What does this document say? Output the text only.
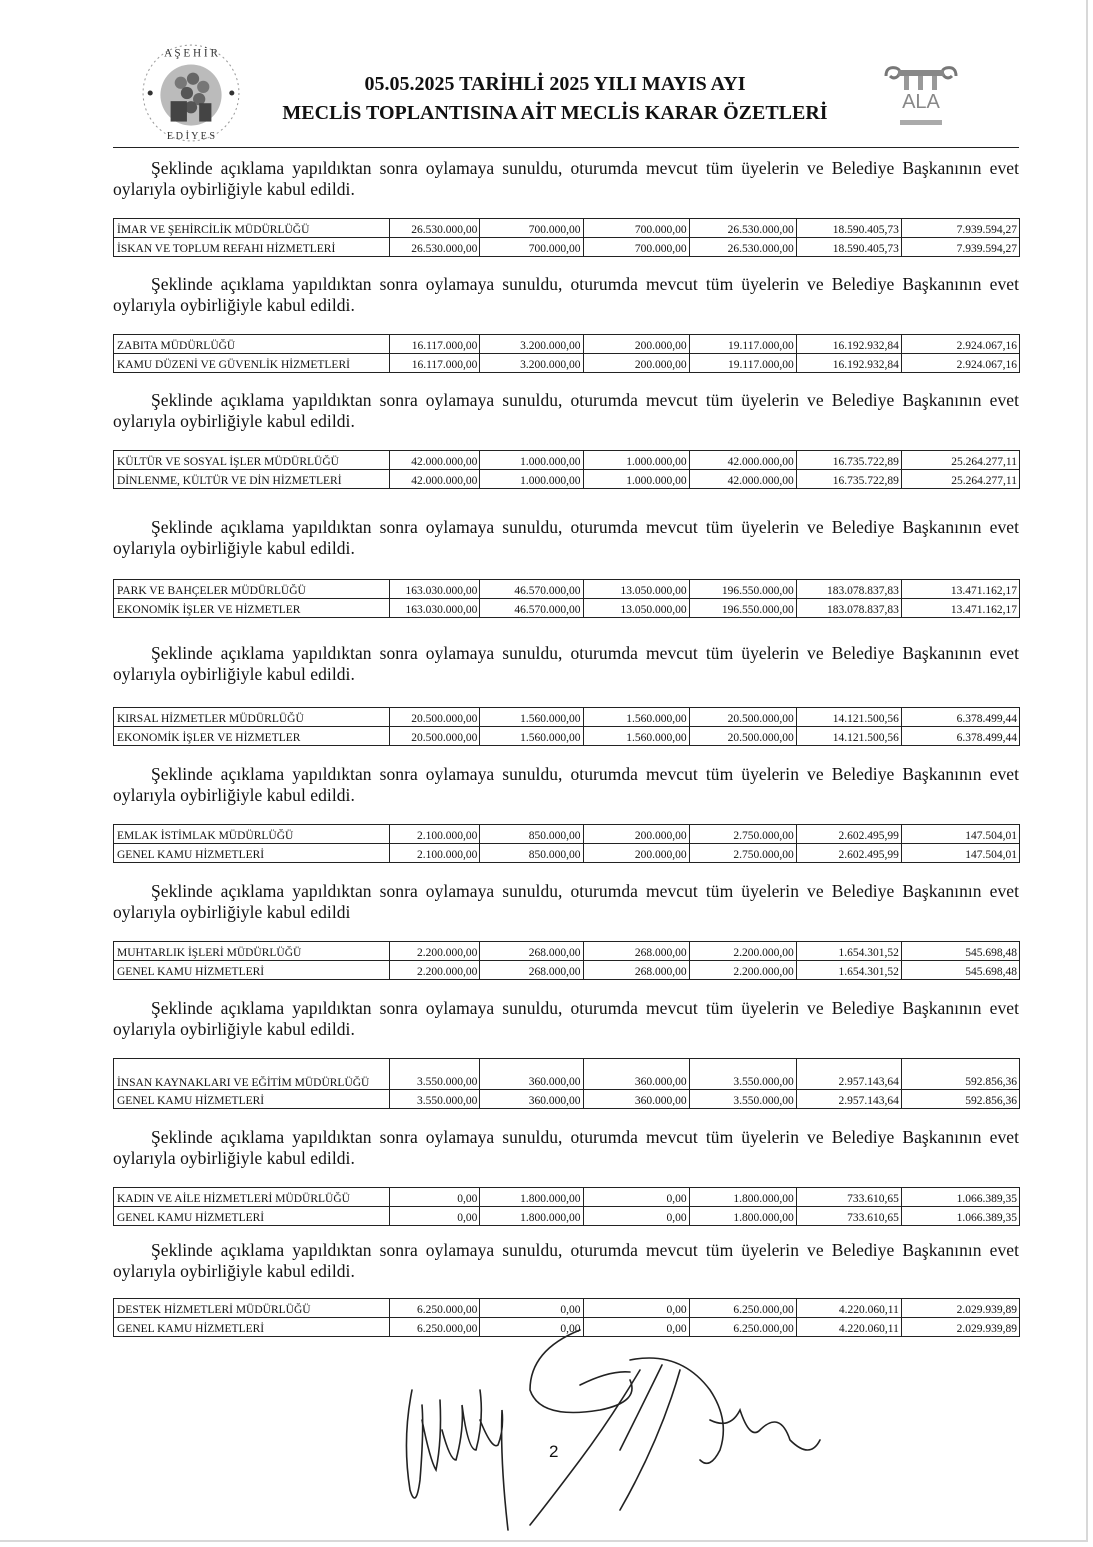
A Ş E H İ R
E D İ Y E S
05.05.2025 TARİHLİ 2025 YILI MAYIS AYI
MECLİS TOPLANTISINA AİT MECLİS KARAR ÖZETLERİ	ALA

Şeklinde açıklama yapıldıktan sonra oylamaya sunuldu, oturumda mevcut tüm üyelerin ve Belediye Başkanının evet oylarıyla oybirliğiyle kabul edildi.

İMAR VE ŞEHİRCİLİK MÜDÜRLÜĞÜ	26.530.000,00	700.000,00	700.000,00	26.530.000,00	18.590.405,73	7.939.594,27
İSKAN VE TOPLUM REFAHI HİZMETLERİ	26.530.000,00	700.000,00	700.000,00	26.530.000,00	18.590.405,73	7.939.594,27

Şeklinde açıklama yapıldıktan sonra oylamaya sunuldu, oturumda mevcut tüm üyelerin ve Belediye Başkanının evet oylarıyla oybirliğiyle kabul edildi.

ZABITA MÜDÜRLÜĞÜ	16.117.000,00	3.200.000,00	200.000,00	19.117.000,00	16.192.932,84	2.924.067,16
KAMU DÜZENİ VE GÜVENLİK HİZMETLERİ	16.117.000,00	3.200.000,00	200.000,00	19.117.000,00	16.192.932,84	2.924.067,16

Şeklinde açıklama yapıldıktan sonra oylamaya sunuldu, oturumda mevcut tüm üyelerin ve Belediye Başkanının evet oylarıyla oybirliğiyle kabul edildi.

KÜLTÜR VE SOSYAL İŞLER MÜDÜRLÜĞÜ	42.000.000,00	1.000.000,00	1.000.000,00	42.000.000,00	16.735.722,89	25.264.277,11
DİNLENME, KÜLTÜR VE DİN HİZMETLERİ	42.000.000,00	1.000.000,00	1.000.000,00	42.000.000,00	16.735.722,89	25.264.277,11

Şeklinde açıklama yapıldıktan sonra oylamaya sunuldu, oturumda mevcut tüm üyelerin ve Belediye Başkanının evet oylarıyla oybirliğiyle kabul edildi.

PARK VE BAHÇELER MÜDÜRLÜĞÜ	163.030.000,00	46.570.000,00	13.050.000,00	196.550.000,00	183.078.837,83	13.471.162,17
EKONOMİK İŞLER VE HİZMETLER	163.030.000,00	46.570.000,00	13.050.000,00	196.550.000,00	183.078.837,83	13.471.162,17

Şeklinde açıklama yapıldıktan sonra oylamaya sunuldu, oturumda mevcut tüm üyelerin ve Belediye Başkanının evet oylarıyla oybirliğiyle kabul edildi.

KIRSAL HİZMETLER MÜDÜRLÜĞÜ	20.500.000,00	1.560.000,00	1.560.000,00	20.500.000,00	14.121.500,56	6.378.499,44
EKONOMİK İŞLER VE HİZMETLER	20.500.000,00	1.560.000,00	1.560.000,00	20.500.000,00	14.121.500,56	6.378.499,44

Şeklinde açıklama yapıldıktan sonra oylamaya sunuldu, oturumda mevcut tüm üyelerin ve Belediye Başkanının evet oylarıyla oybirliğiyle kabul edildi.

EMLAK İSTİMLAK MÜDÜRLÜĞÜ	2.100.000,00	850.000,00	200.000,00	2.750.000,00	2.602.495,99	147.504,01
GENEL KAMU HİZMETLERİ	2.100.000,00	850.000,00	200.000,00	2.750.000,00	2.602.495,99	147.504,01

Şeklinde açıklama yapıldıktan sonra oylamaya sunuldu, oturumda mevcut tüm üyelerin ve Belediye Başkanının evet oylarıyla oybirliğiyle kabul edildi

MUHTARLIK İŞLERİ MÜDÜRLÜĞÜ	2.200.000,00	268.000,00	268.000,00	2.200.000,00	1.654.301,52	545.698,48
GENEL KAMU HİZMETLERİ	2.200.000,00	268.000,00	268.000,00	2.200.000,00	1.654.301,52	545.698,48

Şeklinde açıklama yapıldıktan sonra oylamaya sunuldu, oturumda mevcut tüm üyelerin ve Belediye Başkanının evet oylarıyla oybirliğiyle kabul edildi.

İNSAN KAYNAKLARI VE EĞİTİM MÜDÜRLÜĞÜ	3.550.000,00	360.000,00	360.000,00	3.550.000,00	2.957.143,64	592.856,36
GENEL KAMU HİZMETLERİ	3.550.000,00	360.000,00	360.000,00	3.550.000,00	2.957.143,64	592.856,36

Şeklinde açıklama yapıldıktan sonra oylamaya sunuldu, oturumda mevcut tüm üyelerin ve Belediye Başkanının evet oylarıyla oybirliğiyle kabul edildi.

KADIN VE AİLE HİZMETLERİ MÜDÜRLÜĞÜ	0,00	1.800.000,00	0,00	1.800.000,00	733.610,65	1.066.389,35
GENEL KAMU HİZMETLERİ	0,00	1.800.000,00	0,00	1.800.000,00	733.610,65	1.066.389,35

Şeklinde açıklama yapıldıktan sonra oylamaya sunuldu, oturumda mevcut tüm üyelerin ve Belediye Başkanının evet oylarıyla oybirliğiyle kabul edildi.

DESTEK HİZMETLERİ MÜDÜRLÜĞÜ	6.250.000,00	0,00	0,00	6.250.000,00	4.220.060,11	2.029.939,89
GENEL KAMU HİZMETLERİ	6.250.000,00	0,00	0,00	6.250.000,00	4.220.060,11	2.029.939,89
2
